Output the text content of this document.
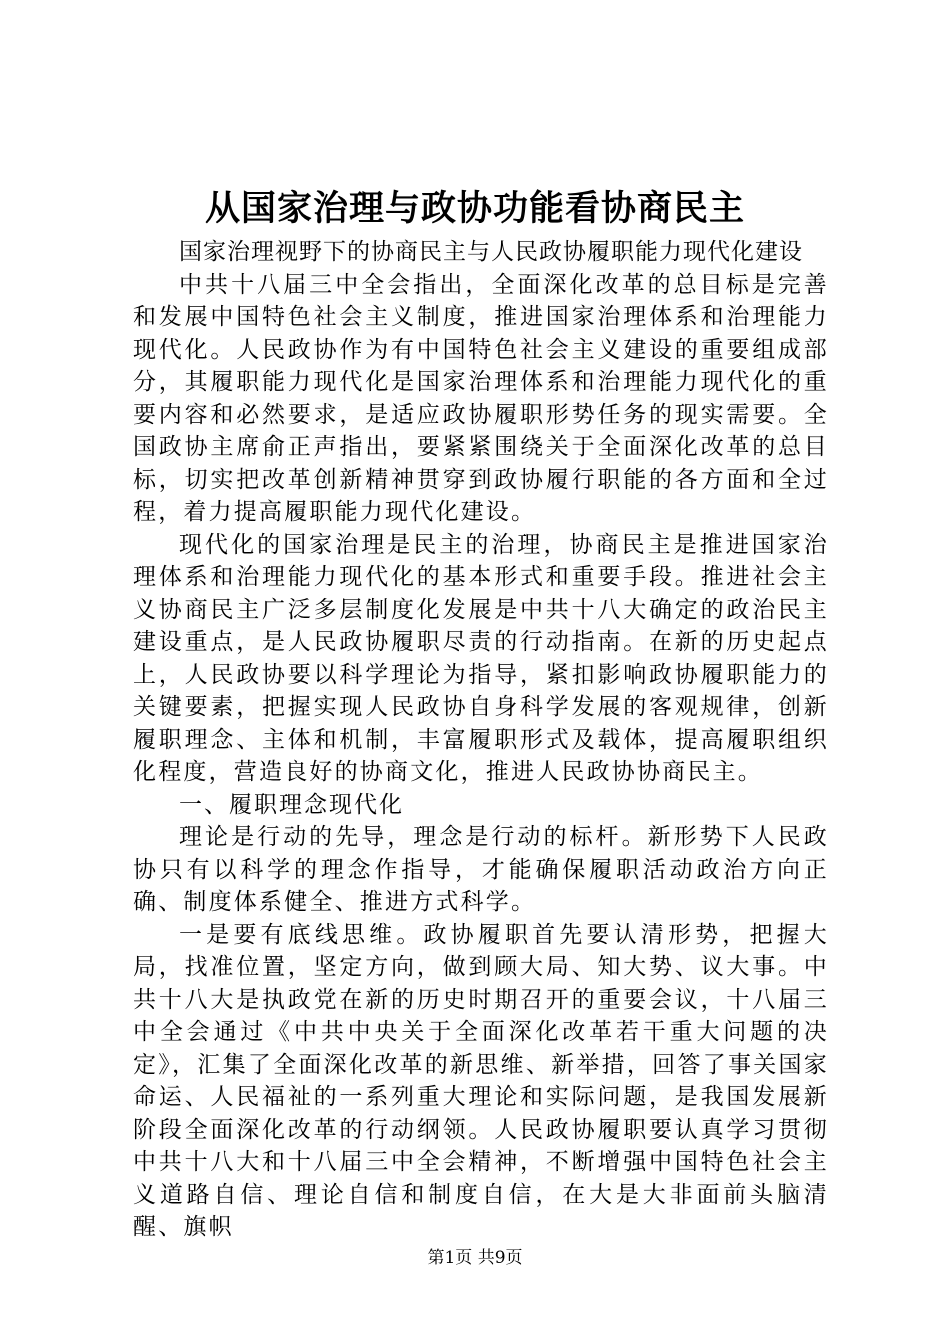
从国家治理与政协功能看协商民主

国家治理视野下的协商民主与人民政协履职能力现代化建设

中共十八届三中全会指出，全面深化改革的总目标是完善和发展中国特色社会主义制度，推进国家治理体系和治理能力现代化。人民政协作为有中国特色社会主义建设的重要组成部分，其履职能力现代化是国家治理体系和治理能力现代化的重要内容和必然要求，是适应政协履职形势任务的现实需要。全国政协主席俞正声指出，要紧紧围绕关于全面深化改革的总目标，切实把改革创新精神贯穿到政协履行职能的各方面和全过程，着力提高履职能力现代化建设。

现代化的国家治理是民主的治理，协商民主是推进国家治理体系和治理能力现代化的基本形式和重要手段。推进社会主义协商民主广泛多层制度化发展是中共十八大确定的政治民主建设重点，是人民政协履职尽责的行动指南。在新的历史起点上，人民政协要以科学理论为指导，紧扣影响政协履职能力的关键要素，把握实现人民政协自身科学发展的客观规律，创新履职理念、主体和机制，丰富履职形式及载体，提高履职组织化程度，营造良好的协商文化，推进人民政协协商民主。

一、履职理念现代化

理论是行动的先导，理念是行动的标杆。新形势下人民政协只有以科学的理念作指导，才能确保履职活动政治方向正确、制度体系健全、推进方式科学。

一是要有底线思维。政协履职首先要认清形势，把握大局，找准位置，坚定方向，做到顾大局、知大势、议大事。中共十八大是执政党在新的历史时期召开的重要会议，十八届三中全会通过《中共中央关于全面深化改革若干重大问题的决定》，汇集了全面深化改革的新思维、新举措，回答了事关国家命运、人民福祉的一系列重大理论和实际问题，是我国发展新阶段全面深化改革的行动纲领。人民政协履职要认真学习贯彻中共十八大和十八届三中全会精神，不断增强中国特色社会主义道路自信、理论自信和制度自信，在大是大非面前头脑清醒、旗帜

第1页 共9页
